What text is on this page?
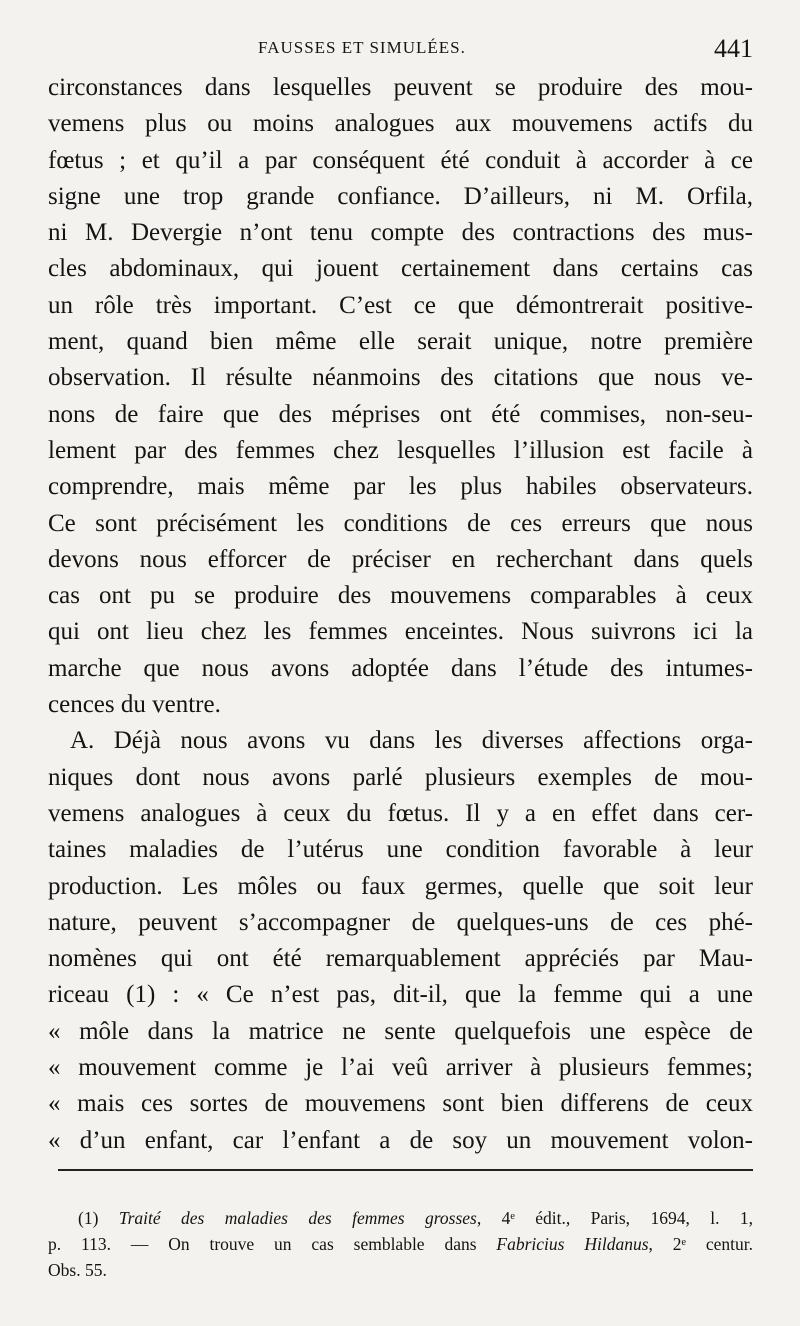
FAUSSES ET SIMULÉES.	441
circonstances dans lesquelles peuvent se produire des mou-
vemens plus ou moins analogues aux mouvemens actifs du
fœtus ; et qu’il a par conséquent été conduit à accorder à ce
signe une trop grande confiance. D’ailleurs, ni M. Orfila,
ni M. Devergie n’ont tenu compte des contractions des mus-
cles abdominaux, qui jouent certainement dans certains cas
un rôle très important. C’est ce que démontrerait positive-
ment, quand bien même elle serait unique, notre première
observation. Il résulte néanmoins des citations que nous ve-
nons de faire que des méprises ont été commises, non-seu-
lement par des femmes chez lesquelles l’illusion est facile à
comprendre, mais même par les plus habiles observateurs.
Ce sont précisément les conditions de ces erreurs que nous
devons nous efforcer de préciser en recherchant dans quels
cas ont pu se produire des mouvemens comparables à ceux
qui ont lieu chez les femmes enceintes. Nous suivrons ici la
marche que nous avons adoptée dans l’étude des intumes-
cences du ventre.
A. Déjà nous avons vu dans les diverses affections orga-
niques dont nous avons parlé plusieurs exemples de mou-
vemens analogues à ceux du fœtus. Il y a en effet dans cer-
taines maladies de l’utérus une condition favorable à leur
production. Les môles ou faux germes, quelle que soit leur
nature, peuvent s’accompagner de quelques-uns de ces phé-
nomènes qui ont été remarquablement appréciés par Mau-
riceau (1) : « Ce n’est pas, dit-il, que la femme qui a une
« môle dans la matrice ne sente quelquefois une espèce de
« mouvement comme je l’ai veû arriver à plusieurs femmes;
« mais ces sortes de mouvemens sont bien differens de ceux
« d’un enfant, car l’enfant a de soy un mouvement volon-
(1) Traité des maladies des femmes grosses, 4ᵉ édit., Paris, 1694, l. 1,
p. 113. — On trouve un cas semblable dans Fabricius Hildanus, 2ᵉ centur.
Obs. 55.
